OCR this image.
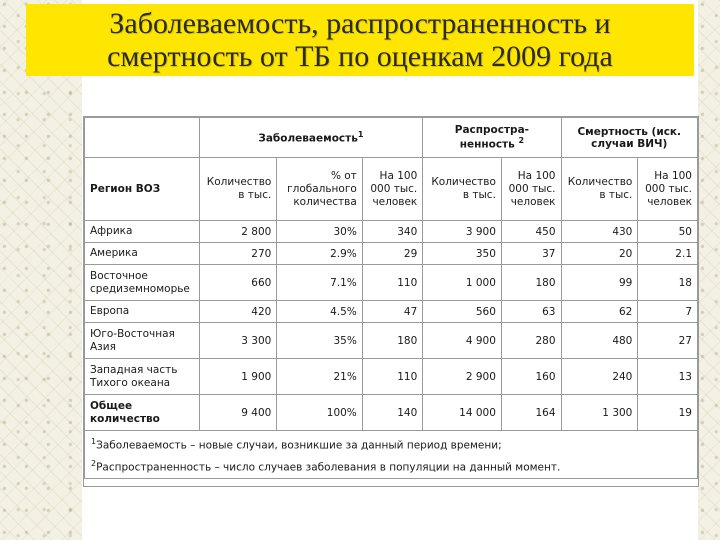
Заболеваемость, распространенность и
смертность от ТБ по оценкам 2009 года
	Заболеваемость$^1$			Распростра-ненность $^2$		Смертность (иск. случаи ВИЧ)	
Регион ВОЗ	Количество в тыс.	% от глобального количества	На 100 000 тыс. человек	Количество в тыс.	На 100 000 тыс. человек	Количество в тыс.	На 100 000 тыс. человек
Африка	2 800	30%	340	3 900	450	430	50
Америка	270	2.9%	29	350	37	20	2.1
Восточное средиземноморье	660	7.1%	110	1 000	180	99	18
Европа	420	4.5%	47	560	63	62	7
Юго-Восточная Азия	3 300	35%	180	4 900	280	480	27
Западная часть Тихого океана	1 900	21%	110	2 900	160	240	13
Общее количество	9 400	100%	140	14 000	164	1 300	19

$^1$Заболеваемость – новые случаи, возникшие за данный период времени;
$^2$Распространенность – число случаев заболевания в популяции на данный момент.							
